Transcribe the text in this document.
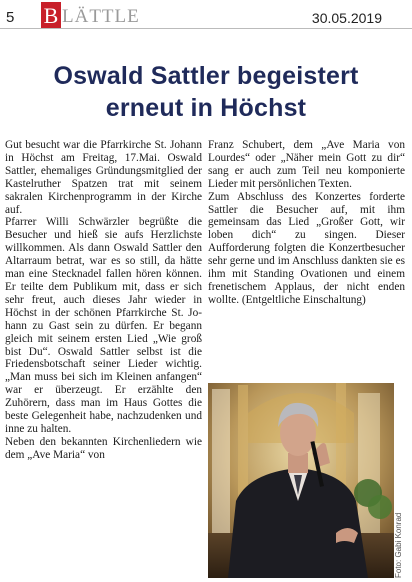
5 B LÄTTLE	30.05.2019
Oswald Sattler begeistert
erneut in Höchst

Gut besucht war die Pfarrkirche St. Johann in Höchst am Freitag, 17.Mai. Oswald Sattler, ehemaliges Gründungsmitglied der Kastelruther Spatzen trat mit seinem sakralen Kirchenprogramm in der Kirche auf.

Pfarrer Willi Schwärzler begrüßte die Besucher und hieß sie aufs Herzlichste willkommen. Als dann Oswald Sattler den Altarraum betrat, war es so still, da hätte man eine Stecknadel fallen hören können. Er teilte dem Publikum mit, dass er sich sehr freut, auch dieses Jahr wieder in Höchst in der schönen Pfarrkirche St. Johann zu Gast sein zu dürfen. Er begann gleich mit seinem ersten Lied „Wie groß bist Du“. Oswald Sattler selbst ist die Friedensbotschaft seiner Lieder wichtig. „Man muss bei sich im Kleinen anfangen“ war er überzeugt. Er erzählte den Zuhörern, dass man im Haus Gottes die beste Gelegenheit habe, nachzudenken und inne zu halten.

Neben den bekannten Kirchenliedern wie dem „Ave Maria“ von

Franz Schubert, dem „Ave Maria von Lourdes“ oder „Näher mein Gott zu dir“ sang er auch zum Teil neu komponierte Lieder mit persönlichen Texten.

Zum Abschluss des Konzertes forderte Sattler die Besucher auf, mit ihm gemeinsam das Lied „Großer Gott, wir loben dich“ zu singen. Dieser Aufforderung folgten die Konzertbesucher sehr gerne und im Anschluss dankten sie es ihm mit Standing Ovationen und einem frenetischem Applaus, der nicht enden wollte. (Entgeltliche Einschaltung)

Foto: Gabi Konrad
